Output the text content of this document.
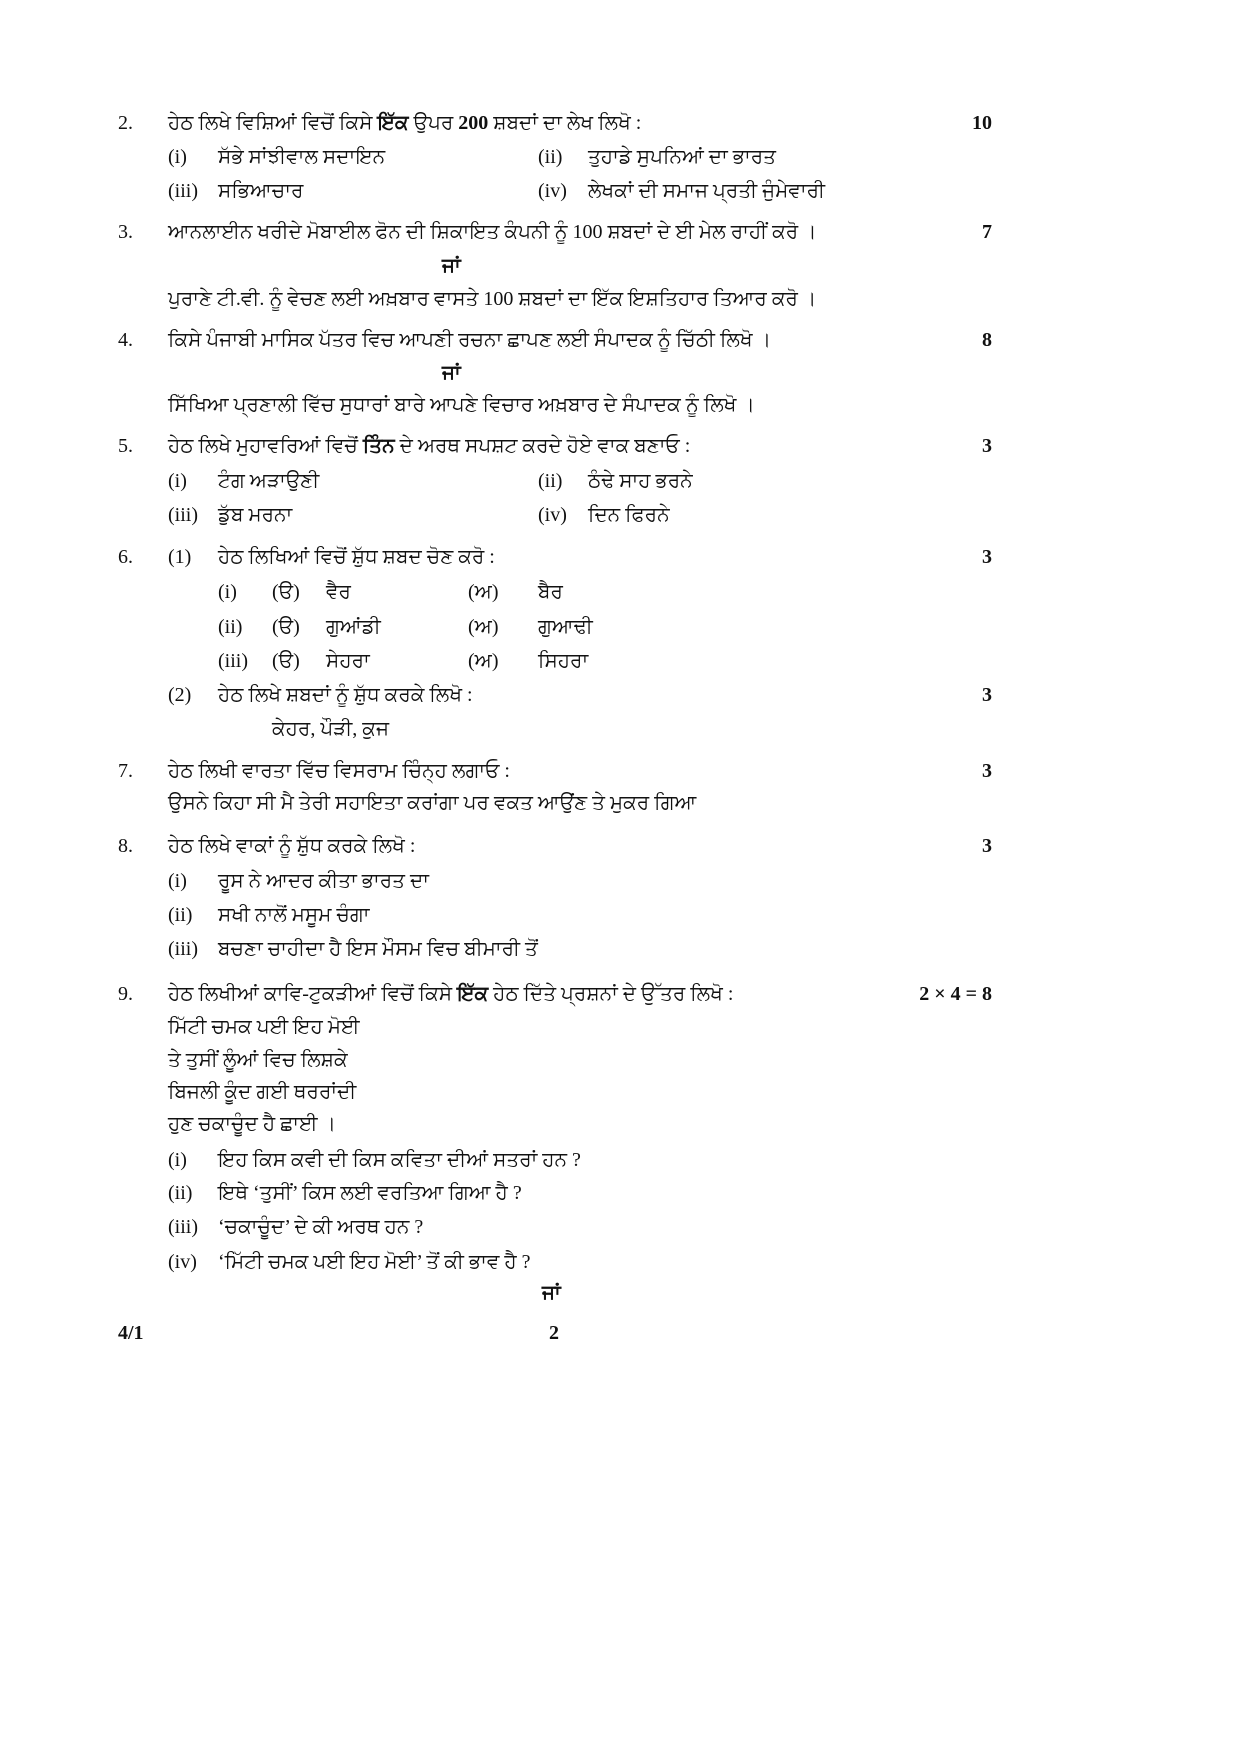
2. ਹੇਠ ਲਿਖੇ ਵਿਸ਼ਿਆਂ ਵਿਚੋਂ ਕਿਸੇ ਇੱਕ ਉਪਰ 200 ਸ਼ਬਦਾਂ ਦਾ ਲੇਖ ਲਿਖੋ :	10
(i) ਸੱਭੇ ਸਾਂਝੀਵਾਲ ਸਦਾਇਨ	(ii) ਤੁਹਾਡੇ ਸੁਪਨਿਆਂ ਦਾ ਭਾਰਤ
(iii) ਸਭਿਆਚਾਰ	(iv) ਲੇਖਕਾਂ ਦੀ ਸਮਾਜ ਪ੍ਰਤੀ ਜੁੰਮੇਵਾਰੀ
3. ਆਨਲਾਈਨ ਖਰੀਦੇ ਮੋਬਾਈਲ ਫੋਨ ਦੀ ਸ਼ਿਕਾਇਤ ਕੰਪਨੀ ਨੂੰ 100 ਸ਼ਬਦਾਂ ਦੇ ਈ ਮੇਲ ਰਾਹੀਂ ਕਰੋ ।	7
ਜਾਂ
ਪੁਰਾਣੇ ਟੀ.ਵੀ. ਨੂੰ ਵੇਚਣ ਲਈ ਅਖ਼ਬਾਰ ਵਾਸਤੇ 100 ਸ਼ਬਦਾਂ ਦਾ ਇੱਕ ਇਸ਼ਤਿਹਾਰ ਤਿਆਰ ਕਰੋ ।
4. ਕਿਸੇ ਪੰਜਾਬੀ ਮਾਸਿਕ ਪੱਤਰ ਵਿਚ ਆਪਣੀ ਰਚਨਾ ਛਾਪਣ ਲਈ ਸੰਪਾਦਕ ਨੂੰ ਚਿੱਠੀ ਲਿਖੋ ।	8
ਜਾਂ
ਸਿੱਖਿਆ ਪ੍ਰਣਾਲੀ ਵਿੱਚ ਸੁਧਾਰਾਂ ਬਾਰੇ ਆਪਣੇ ਵਿਚਾਰ ਅਖ਼ਬਾਰ ਦੇ ਸੰਪਾਦਕ ਨੂੰ ਲਿਖੋ ।
5. ਹੇਠ ਲਿਖੇ ਮੁਹਾਵਰਿਆਂ ਵਿਚੋਂ ਤਿੰਨ ਦੇ ਅਰਥ ਸਪਸ਼ਟ ਕਰਦੇ ਹੋਏ ਵਾਕ ਬਣਾਓ :	3
(i) ਟੰਗ ਅੜਾਉਣੀ	(ii) ਠੰਢੇ ਸਾਹ ਭਰਨੇ
(iii) ਡੁੱਬ ਮਰਨਾ	(iv) ਦਿਨ ਫਿਰਨੇ
6. (1) ਹੇਠ ਲਿਖਿਆਂ ਵਿਚੋਂ ਸ਼ੁੱਧ ਸ਼ਬਦ ਚੋਣ ਕਰੋ :	3
(i) (ੳ) ਵੈਰ	(ਅ) ਬੈਰ
(ii) (ੳ) ਗੁਆਂਡੀ	(ਅ) ਗੁਆਢੀ
(iii) (ੳ) ਸੇਹਰਾ	(ਅ) ਸਿਹਰਾ
(2) ਹੇਠ ਲਿਖੇ ਸ਼ਬਦਾਂ ਨੂੰ ਸ਼ੁੱਧ ਕਰਕੇ ਲਿਖੋ :	3
ਕੇਹਰ, ਪੌੜੀ, ਕੁਜ
7. ਹੇਠ ਲਿਖੀ ਵਾਰਤਾ ਵਿੱਚ ਵਿਸਰਾਮ ਚਿੰਨ੍ਹ ਲਗਾਓ :	3
ਉਸਨੇ ਕਿਹਾ ਸੀ ਮੈ ਤੇਰੀ ਸਹਾਇਤਾ ਕਰਾਂਗਾ ਪਰ ਵਕਤ ਆਉਂਣ ਤੇ ਮੁਕਰ ਗਿਆ
8. ਹੇਠ ਲਿਖੇ ਵਾਕਾਂ ਨੂੰ ਸ਼ੁੱਧ ਕਰਕੇ ਲਿਖੋ :	3
(i) ਰੂਸ ਨੇ ਆਦਰ ਕੀਤਾ ਭਾਰਤ ਦਾ
(ii) ਸਖੀ ਨਾਲੋਂ ਮਸੂਮ ਚੰਗਾ
(iii) ਬਚਣਾ ਚਾਹੀਦਾ ਹੈ ਇਸ ਮੌਸਮ ਵਿਚ ਬੀਮਾਰੀ ਤੋਂ
9. ਹੇਠ ਲਿਖੀਆਂ ਕਾਵਿ-ਟੁਕੜੀਆਂ ਵਿਚੋਂ ਕਿਸੇ ਇੱਕ ਹੇਠ ਦਿੱਤੇ ਪ੍ਰਸ਼ਨਾਂ ਦੇ ਉੱਤਰ ਲਿਖੋ :	2 × 4 = 8
ਮਿੱਟੀ ਚਮਕ ਪਈ ਇਹ ਮੋਈ
ਤੇ ਤੁਸੀਂ ਲੂੰਆਂ ਵਿਚ ਲਿਸ਼ਕੇ
ਬਿਜਲੀ ਕੂੰਦ ਗਈ ਥਰਰਾਂਦੀ
ਹੁਣ ਚਕਾਚੂੰਦ ਹੈ ਛਾਈ ।
(i) ਇਹ ਕਿਸ ਕਵੀ ਦੀ ਕਿਸ ਕਵਿਤਾ ਦੀਆਂ ਸਤਰਾਂ ਹਨ ?
(ii) ਇਥੇ ‘ਤੁਸੀਂ’ ਕਿਸ ਲਈ ਵਰਤਿਆ ਗਿਆ ਹੈ ?
(iii) ‘ਚਕਾਚੂੰਦ’ ਦੇ ਕੀ ਅਰਥ ਹਨ ?
(iv) ‘ਮਿੱਟੀ ਚਮਕ ਪਈ ਇਹ ਮੋਈ’ ਤੋਂ ਕੀ ਭਾਵ ਹੈ ?
ਜਾਂ
4/1	2
